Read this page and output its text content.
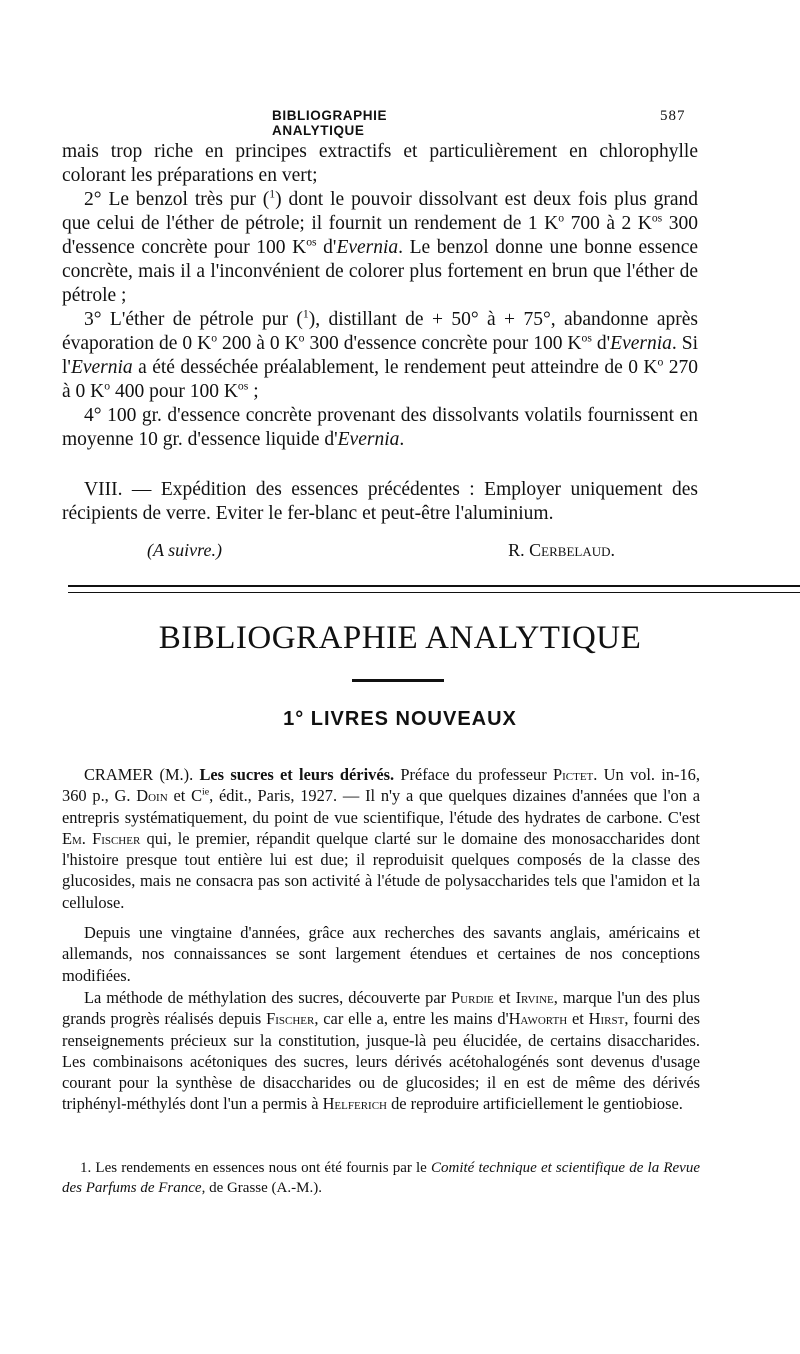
BIBLIOGRAPHIE ANALYTIQUE
587

mais trop riche en principes extractifs et particulièrement en chlorophylle colorant les préparations en vert;

2° Le benzol très pur ($^1$) dont le pouvoir dissolvant est deux fois plus grand que celui de l'éther de pétrole; il fournit un rendement de 1 $K^o$ 700 à 2 $K^{os}$ 300 d'essence concrète pour 100 $K^{os}$ d'Evernia. Le benzol donne une bonne essence concrète, mais il a l'inconvénient de colorer plus fortement en brun que l'éther de pétrole ;

3° L'éther de pétrole pur ($^1$), distillant de + 50° à + 75°, abandonne après évaporation de 0 $K^o$ 200 à 0 $K^o$ 300 d'essence concrète pour 100 $K^{os}$ d'Evernia. Si l'Evernia a été desséchée préalablement, le rendement peut atteindre de 0 $K^o$ 270 à 0 $K^o$ 400 pour 100 $K^{os}$ ;

4° 100 gr. d'essence concrète provenant des dissolvants volatils fournissent en moyenne 10 gr. d'essence liquide d'Evernia.

VIII. — Expédition des essences précédentes : Employer uniquement des récipients de verre. Eviter le fer-blanc et peut-être l'aluminium.

(A suivre.)	R. Cerbelaud.
BIBLIOGRAPHIE ANALYTIQUE
1° LIVRES NOUVEAUX

CRAMER (M.). Les sucres et leurs dérivés. Préface du professeur Pictet. Un vol. in-16, 360 p., G. Doin et $C^{ie}$, édit., Paris, 1927. — Il n'y a que quelques dizaines d'années que l'on a entrepris systématiquement, du point de vue scientifique, l'étude des hydrates de carbone. C'est Em. Fischer qui, le premier, répandit quelque clarté sur le domaine des monosaccharides dont l'histoire presque tout entière lui est due; il reproduisit quelques composés de la classe des glucosides, mais ne consacra pas son activité à l'étude de polysaccharides tels que l'amidon et la cellulose.

Depuis une vingtaine d'années, grâce aux recherches des savants anglais, américains et allemands, nos connaissances se sont largement étendues et certaines de nos conceptions modifiées.

La méthode de méthylation des sucres, découverte par Purdie et Irvine, marque l'un des plus grands progrès réalisés depuis Fischer, car elle a, entre les mains d'Haworth et Hirst, fourni des renseignements précieux sur la constitution, jusque-là peu élucidée, de certains disaccharides. Les combinaisons acétoniques des sucres, leurs dérivés acétohalogénés sont devenus d'usage courant pour la synthèse de disaccharides ou de glucosides; il en est de même des dérivés triphényl-méthylés dont l'un a permis à Helferich de reproduire artificiellement le gentiobiose.

1. Les rendements en essences nous ont été fournis par le Comité technique et scientifique de la Revue des Parfums de France, de Grasse (A.-M.).
